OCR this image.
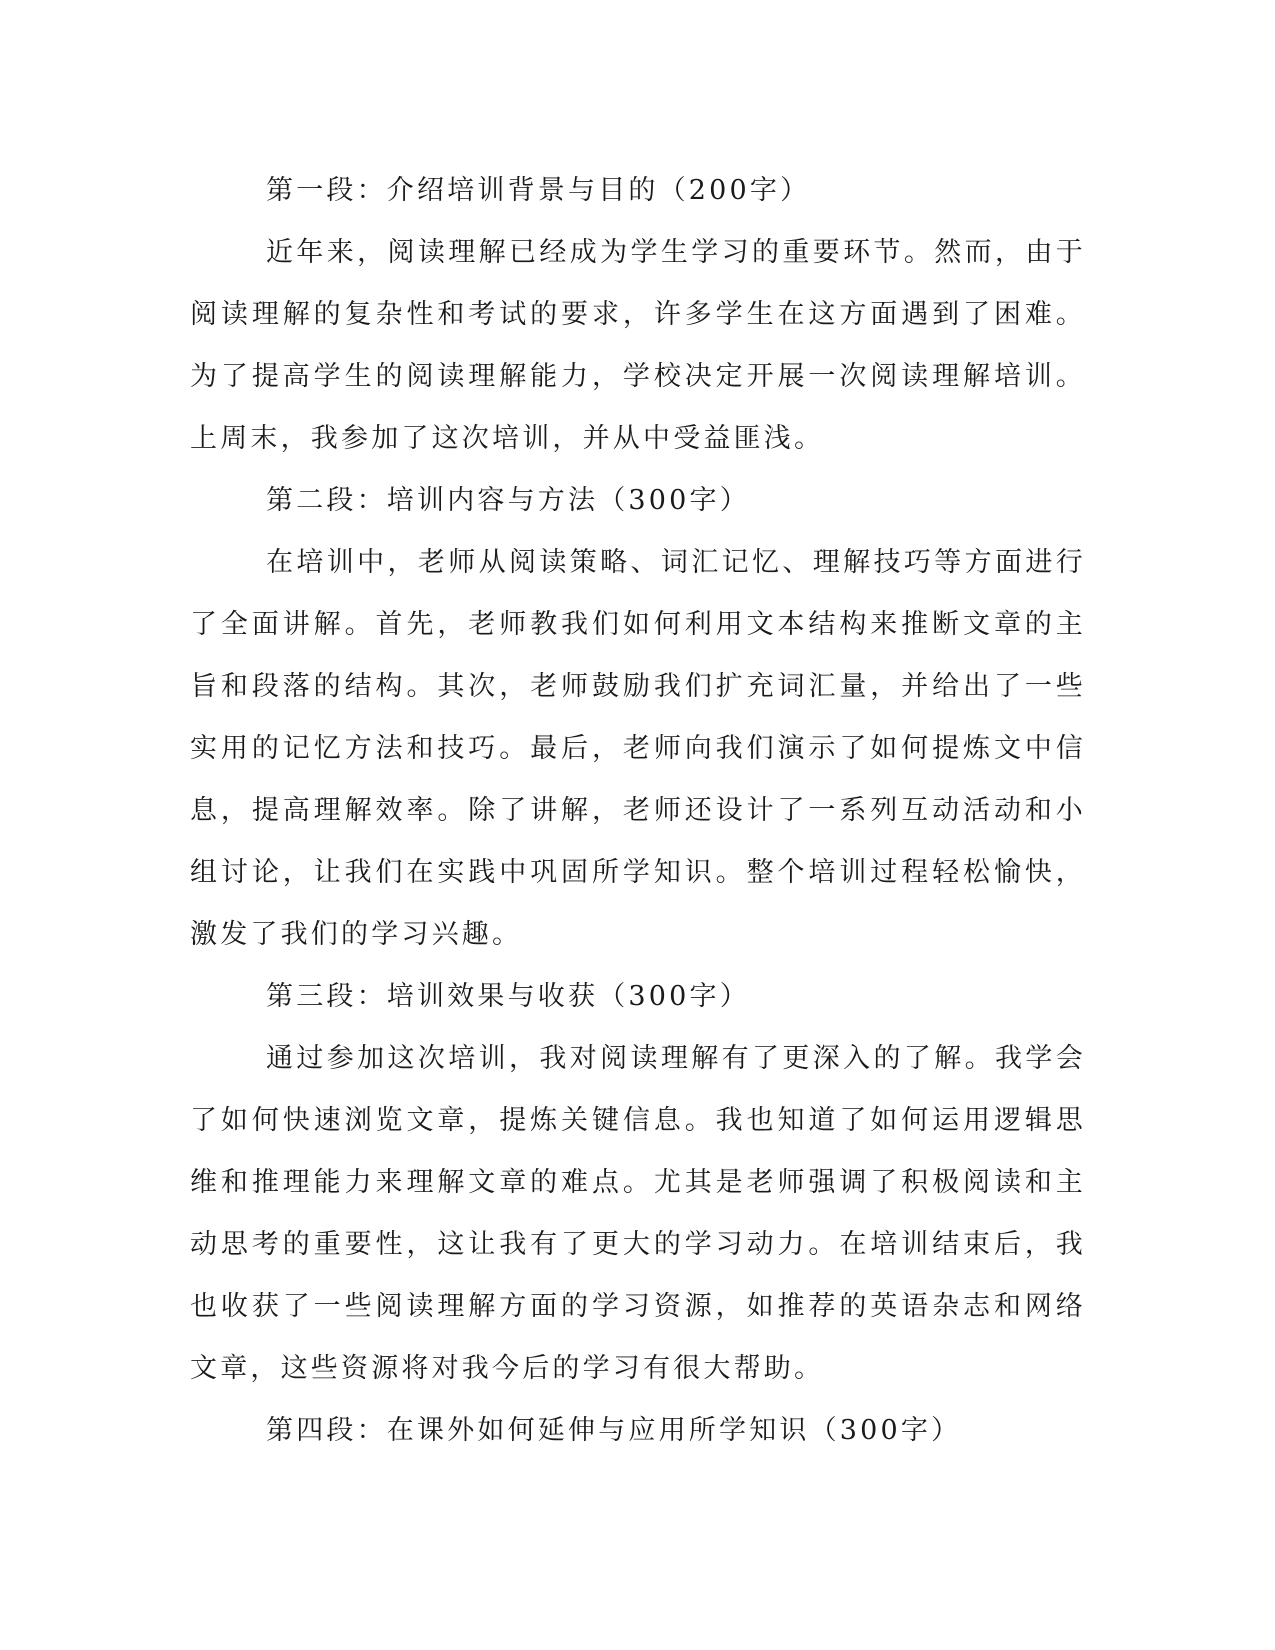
第一段：介绍培训背景与目的（200字）

近年来，阅读理解已经成为学生学习的重要环节。然而，由于阅读理解的复杂性和考试的要求，许多学生在这方面遇到了困难。为了提高学生的阅读理解能力，学校决定开展一次阅读理解培训。上周末，我参加了这次培训，并从中受益匪浅。

第二段：培训内容与方法（300字）

在培训中，老师从阅读策略、词汇记忆、理解技巧等方面进行了全面讲解。首先，老师教我们如何利用文本结构来推断文章的主旨和段落的结构。其次，老师鼓励我们扩充词汇量，并给出了一些实用的记忆方法和技巧。最后，老师向我们演示了如何提炼文中信息，提高理解效率。除了讲解，老师还设计了一系列互动活动和小组讨论，让我们在实践中巩固所学知识。整个培训过程轻松愉快，激发了我们的学习兴趣。

第三段：培训效果与收获（300字）

通过参加这次培训，我对阅读理解有了更深入的了解。我学会了如何快速浏览文章，提炼关键信息。我也知道了如何运用逻辑思维和推理能力来理解文章的难点。尤其是老师强调了积极阅读和主动思考的重要性，这让我有了更大的学习动力。在培训结束后，我也收获了一些阅读理解方面的学习资源，如推荐的英语杂志和网络文章，这些资源将对我今后的学习有很大帮助。

第四段：在课外如何延伸与应用所学知识（300字）
